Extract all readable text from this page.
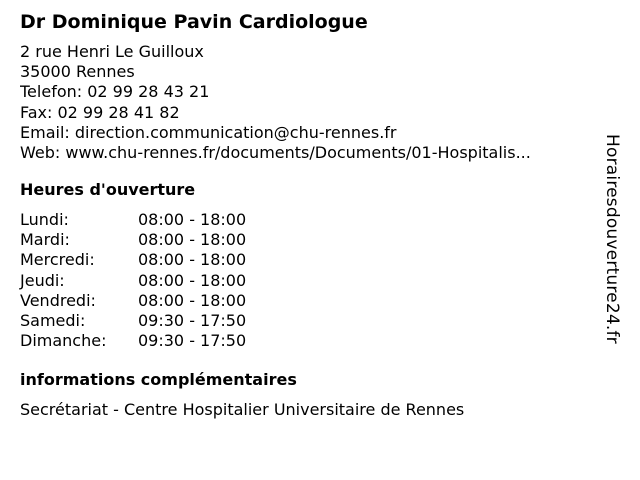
Dr Dominique Pavin Cardiologue
2 rue Henri Le Guilloux
35000 Rennes
Telefon: 02 99 28 43 21
Fax: 02 99 28 41 82
Email: direction.communication@chu-rennes.fr
Web: www.chu-rennes.fr/documents/Documents/01-Hospitalis...
Heures d'ouverture
Lundi:	08:00 - 18:00
Mardi:	08:00 - 18:00
Mercredi:	08:00 - 18:00
Jeudi:	08:00 - 18:00
Vendredi:	08:00 - 18:00
Samedi:	09:30 - 17:50
Dimanche:	09:30 - 17:50
informations complémentaires
Secrétariat - Centre Hospitalier Universitaire de Rennes
Horairesdouverture24.fr
